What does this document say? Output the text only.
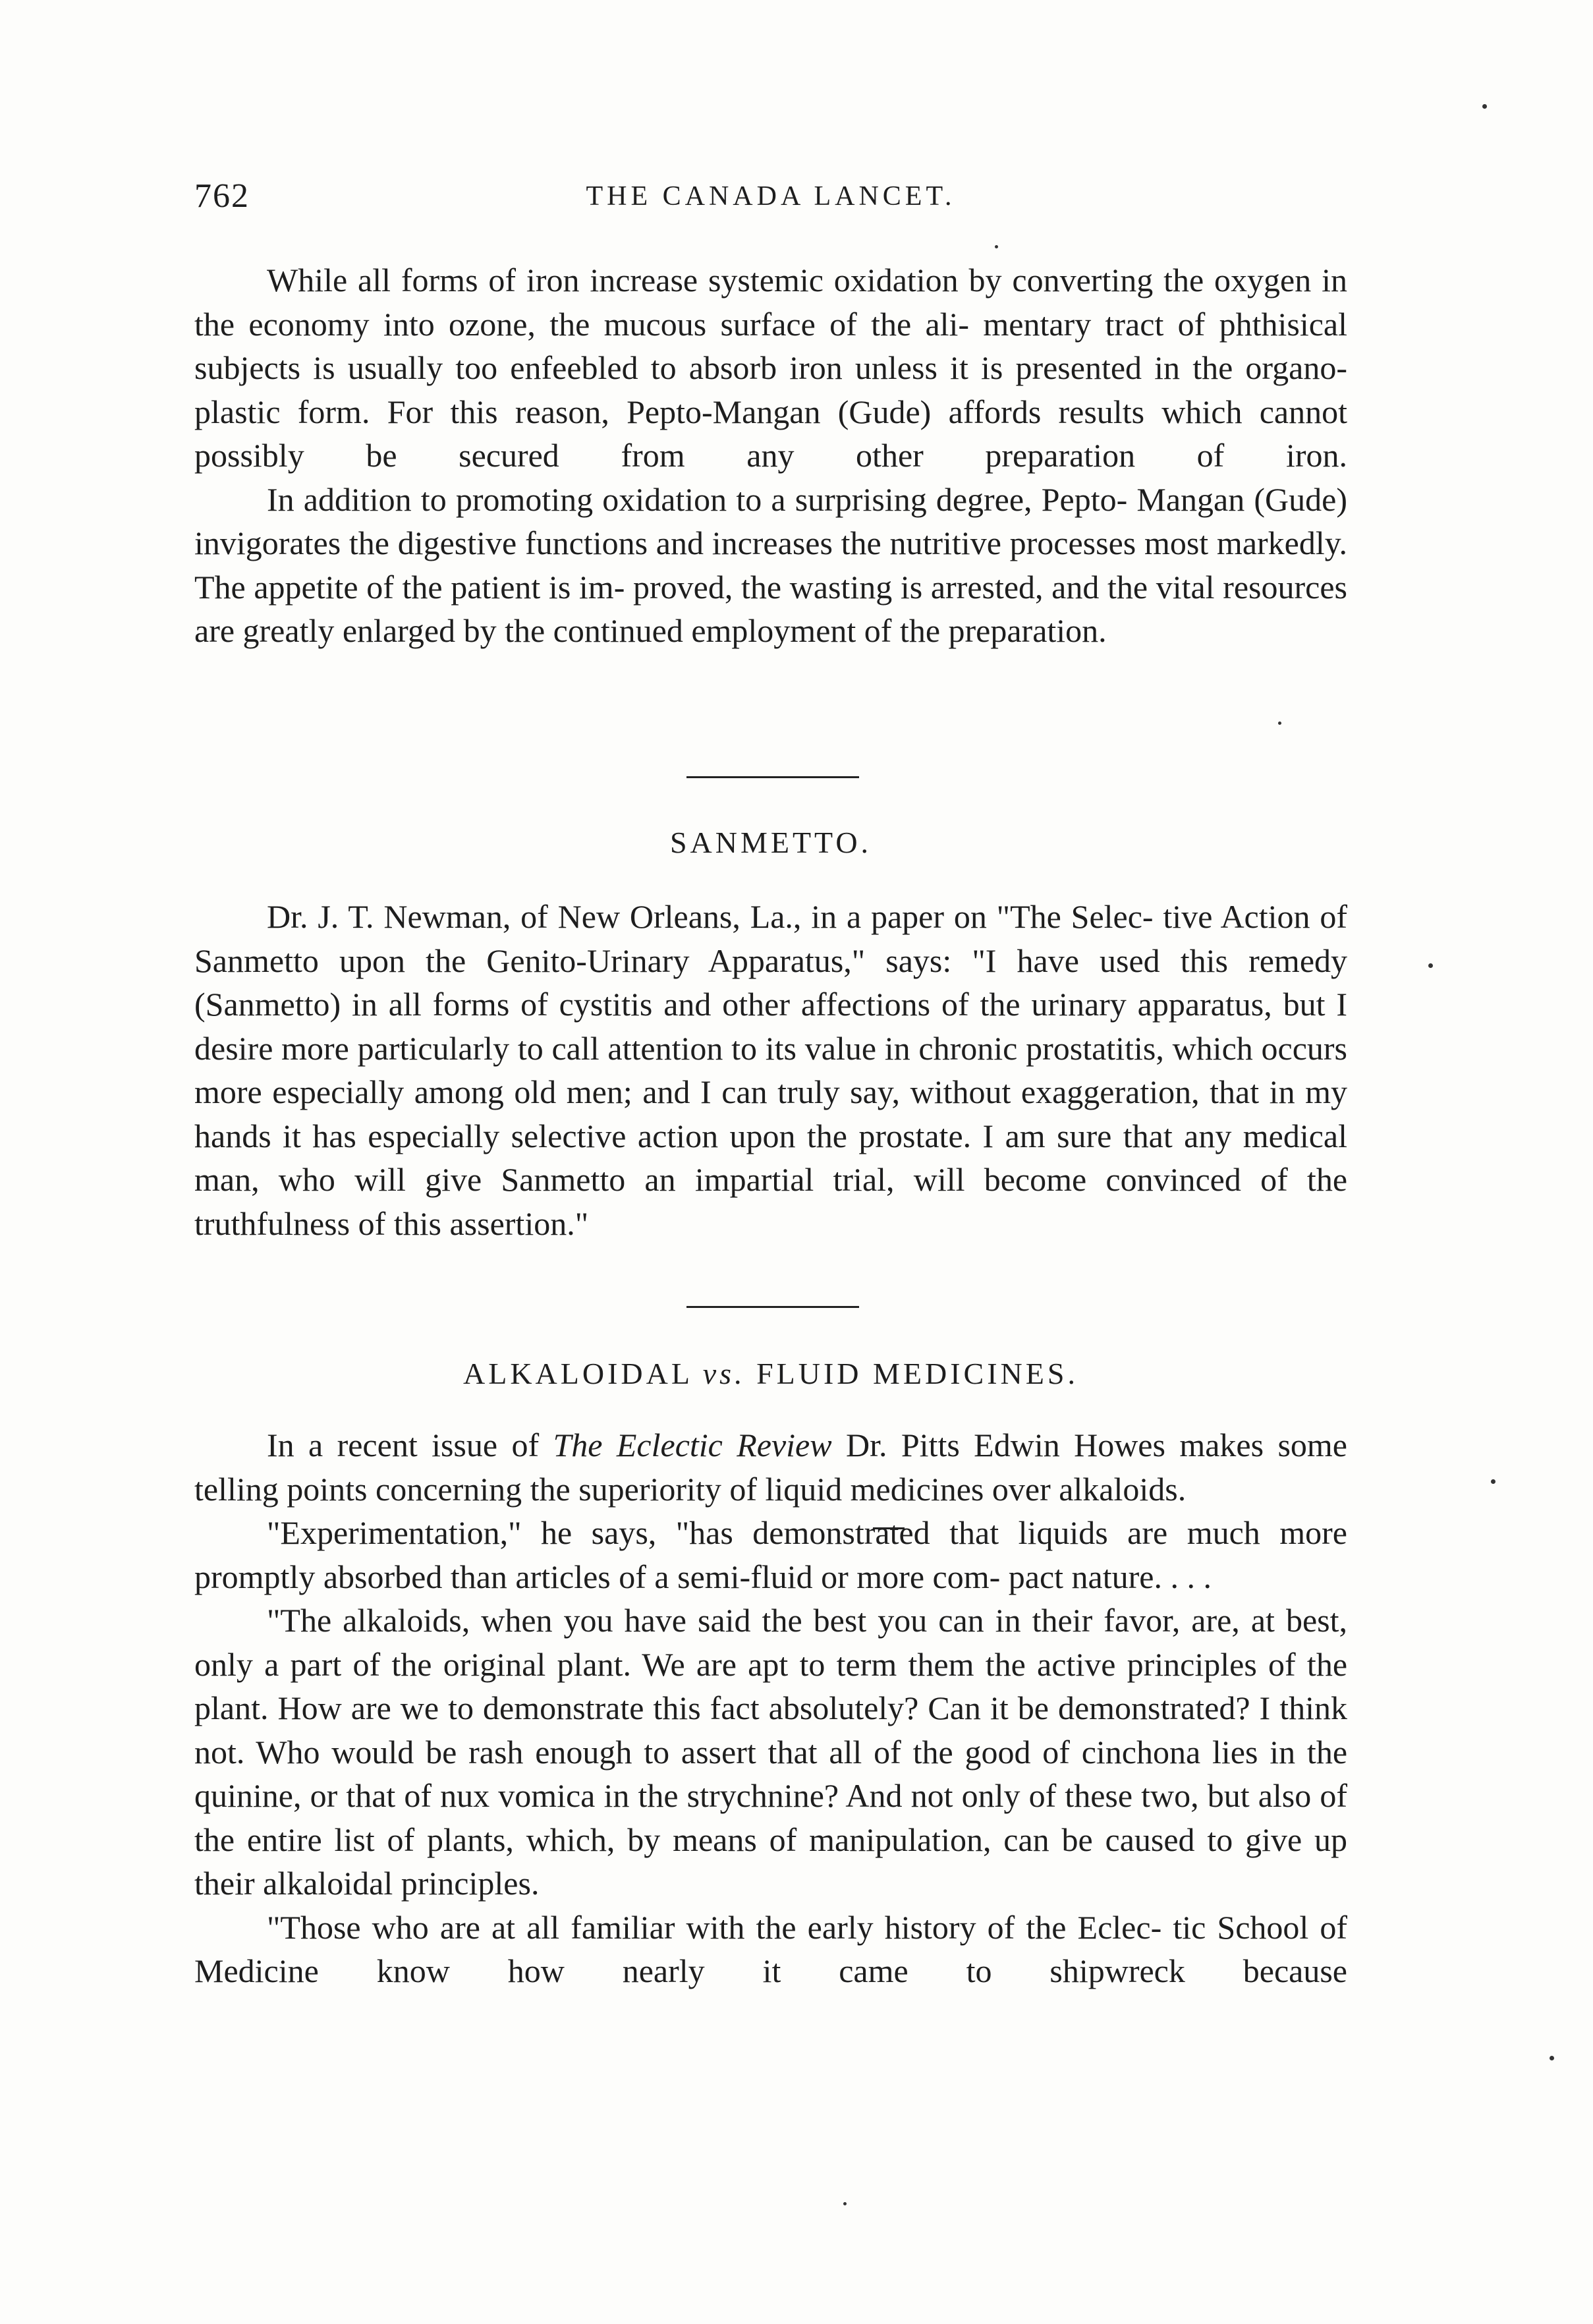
762	THE CANADA LANCET.

While all forms of iron increase systemic oxidation by converting the oxygen in the economy into ozone, the mucous surface of the ali- mentary tract of phthisical subjects is usually too enfeebled to absorb iron unless it is presented in the organo-plastic form. For this reason, Pepto-Mangan (Gude) affords results which cannot possibly be secured from any other preparation of iron.

In addition to promoting oxidation to a surprising degree, Pepto- Mangan (Gude) invigorates the digestive functions and increases the nutritive processes most markedly. The appetite of the patient is im- proved, the wasting is arrested, and the vital resources are greatly enlarged by the continued employment of the preparation.

SANMETTO.

Dr. J. T. Newman, of New Orleans, La., in a paper on "The Selec- tive Action of Sanmetto upon the Genito-Urinary Apparatus," says: "I have used this remedy (Sanmetto) in all forms of cystitis and other affections of the urinary apparatus, but I desire more particularly to call attention to its value in chronic prostatitis, which occurs more especially among old men; and I can truly say, without exaggeration, that in my hands it has especially selective action upon the prostate. I am sure that any medical man, who will give Sanmetto an impartial trial, will become convinced of the truthfulness of this assertion."

ALKALOIDAL vs. FLUID MEDICINES.

In a recent issue of The Eclectic Review Dr. Pitts Edwin Howes makes some telling points concerning the superiority of liquid medicines over alkaloids.

"Experimentation," he says, "has demonstrated that liquids are much more promptly absorbed than articles of a semi-fluid or more com- pact nature. . . .

"The alkaloids, when you have said the best you can in their favor, are, at best, only a part of the original plant. We are apt to term them the active principles of the plant. How are we to demonstrate this fact absolutely? Can it be demonstrated? I think not. Who would be rash enough to assert that all of the good of cinchona lies in the quinine, or that of nux vomica in the strychnine? And not only of these two, but also of the entire list of plants, which, by means of manipulation, can be caused to give up their alkaloidal principles.

"Those who are at all familiar with the early history of the Eclec- tic School of Medicine know how nearly it came to shipwreck because
